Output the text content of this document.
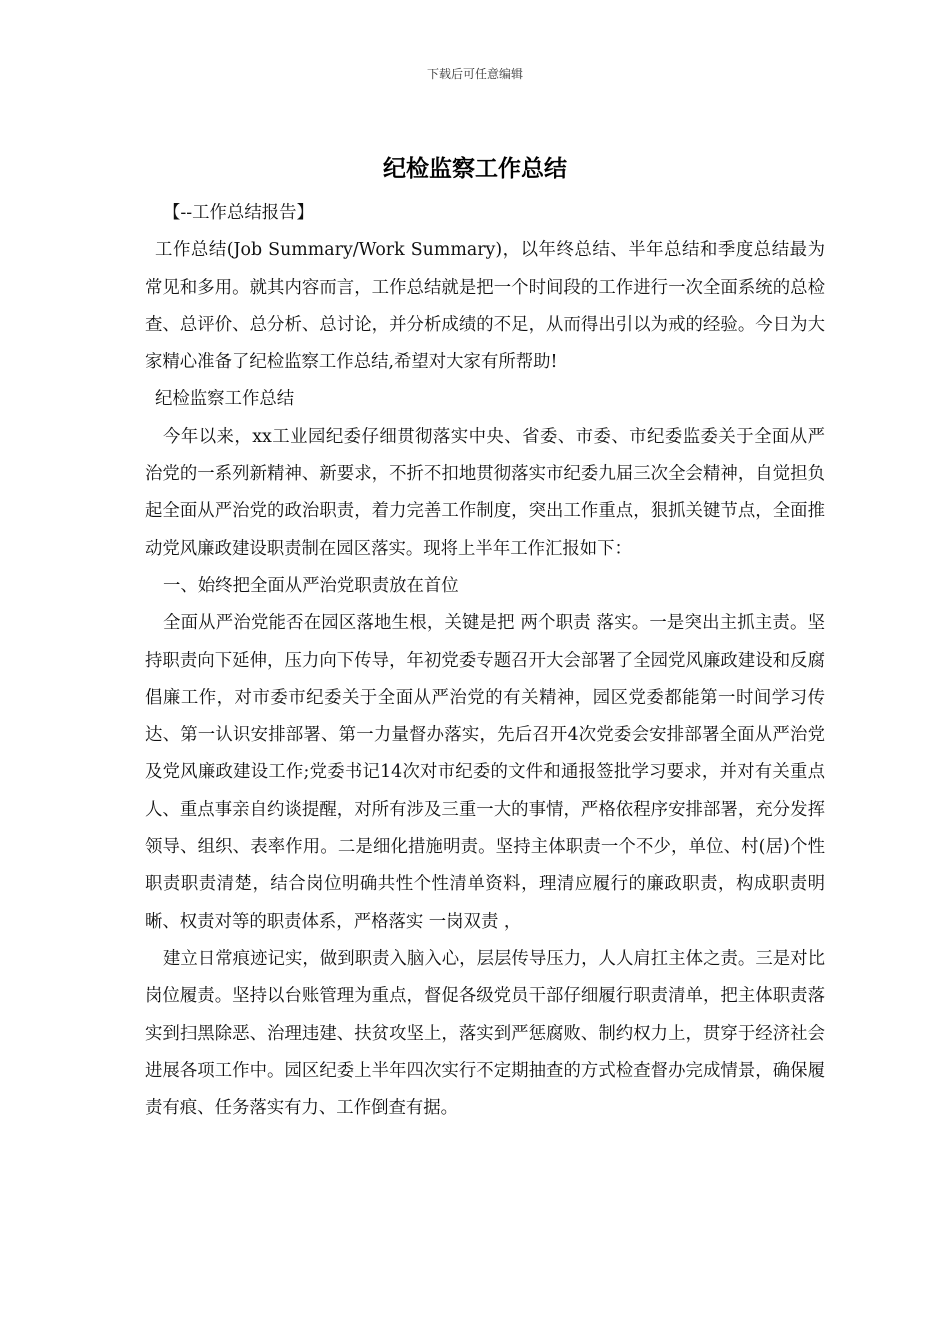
下载后可任意编辑
纪检监察工作总结

【--工作总结报告】

工作总结(Job Summary/Work Summary)，以年终总结、半年总结和季度总结最为常见和多用。就其内容而言，工作总结就是把一个时间段的工作进行一次全面系统的总检查、总评价、总分析、总讨论，并分析成绩的不足，从而得出引以为戒的经验。今日为大家精心准备了纪检监察工作总结,希望对大家有所帮助!

纪检监察工作总结

今年以来，xx工业园纪委仔细贯彻落实中央、省委、市委、市纪委监委关于全面从严治党的一系列新精神、新要求，不折不扣地贯彻落实市纪委九届三次全会精神，自觉担负起全面从严治党的政治职责，着力完善工作制度，突出工作重点，狠抓关键节点，全面推动党风廉政建设职责制在园区落实。现将上半年工作汇报如下：

一、始终把全面从严治党职责放在首位

全面从严治党能否在园区落地生根，关键是把 两个职责 落实。一是突出主抓主责。坚持职责向下延伸，压力向下传导，年初党委专题召开大会部署了全园党风廉政建设和反腐倡廉工作，对市委市纪委关于全面从严治党的有关精神，园区党委都能第一时间学习传达、第一认识安排部署、第一力量督办落实，先后召开4次党委会安排部署全面从严治党及党风廉政建设工作;党委书记14次对市纪委的文件和通报签批学习要求，并对有关重点人、重点事亲自约谈提醒，对所有涉及三重一大的事情，严格依程序安排部署，充分发挥领导、组织、表率作用。二是细化措施明责。坚持主体职责一个不少，单位、村(居)个性职责职责清楚，结合岗位明确共性个性清单资料，理清应履行的廉政职责，构成职责明晰、权责对等的职责体系，严格落实 一岗双责 ，

建立日常痕迹记实，做到职责入脑入心，层层传导压力，人人肩扛主体之责。三是对比岗位履责。坚持以台账管理为重点，督促各级党员干部仔细履行职责清单，把主体职责落实到扫黑除恶、治理违建、扶贫攻坚上，落实到严惩腐败、制约权力上，贯穿于经济社会进展各项工作中。园区纪委上半年四次实行不定期抽查的方式检查督办完成情景，确保履责有痕、任务落实有力、工作倒查有据。
